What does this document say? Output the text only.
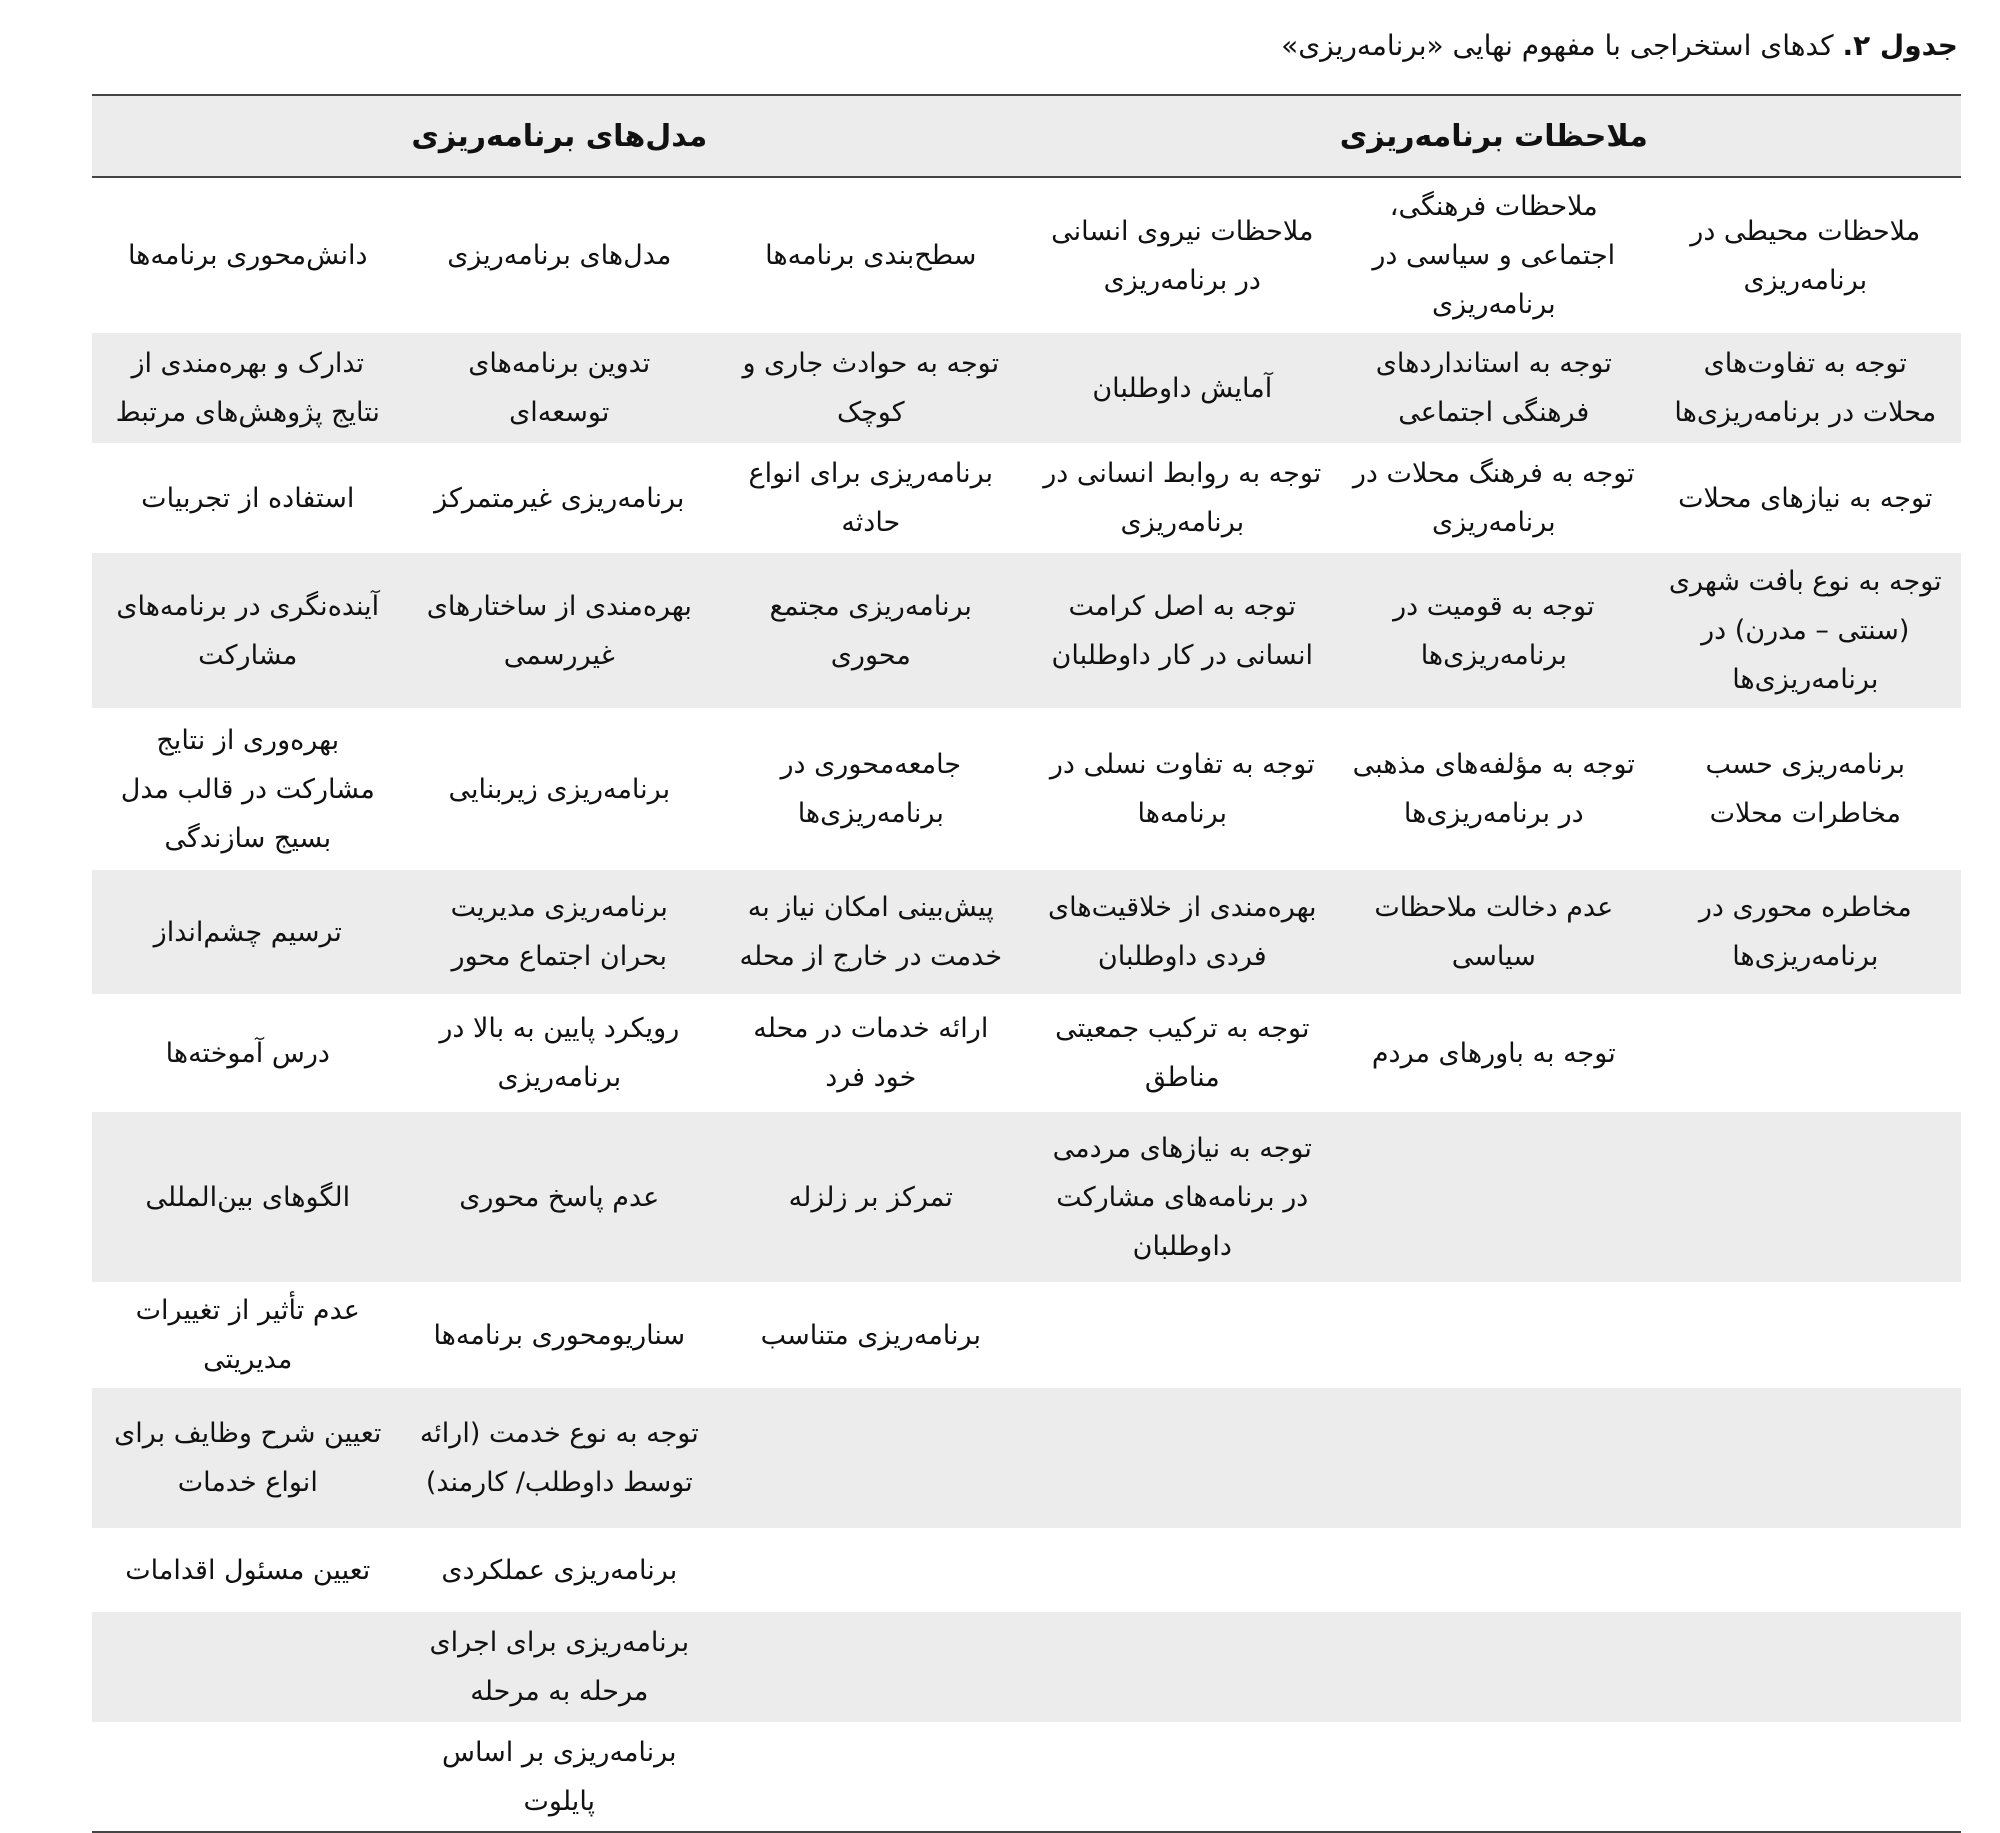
جدول ۲. کدهای استخراجی با مفهوم نهایی «برنامه‌ریزی»
ملاحظات برنامه‌ریزی			مدل‌های برنامه‌ریزی		
ملاحظات محیطی در برنامه‌ریزی	ملاحظات فرهنگی، اجتماعی و سیاسی در برنامه‌ریزی	ملاحظات نیروی انسانی در برنامه‌ریزی	سطح‌بندی برنامه‌ها	مدل‌های برنامه‌ریزی	دانش‌محوری برنامه‌ها
توجه به تفاوت‌های محلات در برنامه‌ریزی‌ها	توجه به استانداردهای فرهنگی اجتماعی	آمایش داوطلبان	توجه به حوادث جاری و کوچک	تدوین برنامه‌های توسعه‌ای	تدارک و بهره‌مندی از نتایج پژوهش‌های مرتبط
توجه به نیازهای محلات	توجه به فرهنگ محلات در برنامه‌ریزی	توجه به روابط انسانی در برنامه‌ریزی	برنامه‌ریزی برای انواع حادثه	برنامه‌ریزی غیرمتمرکز	استفاده از تجربیات
توجه به نوع بافت شهری (سنتی – مدرن) در برنامه‌ریزی‌ها	توجه به قومیت در برنامه‌ریزی‌ها	توجه به اصل کرامت انسانی در کار داوطلبان	برنامه‌ریزی مجتمع محوری	بهره‌مندی از ساختارهای غیررسمی	آینده‌نگری در برنامه‌های مشارکت
برنامه‌ریزی حسب مخاطرات محلات	توجه به مؤلفه‌های مذهبی در برنامه‌ریزی‌ها	توجه به تفاوت نسلی در برنامه‌ها	جامعه‌محوری در برنامه‌ریزی‌ها	برنامه‌ریزی زیربنایی	بهره‌وری از نتایج مشارکت در قالب مدل بسیج سازندگی
مخاطره محوری در برنامه‌ریزی‌ها	عدم دخالت ملاحظات سیاسی	بهره‌مندی از خلاقیت‌های فردی داوطلبان	پیش‌بینی امکان نیاز به خدمت در خارج از محله	برنامه‌ریزی مدیریت بحران اجتماع محور	ترسیم چشم‌انداز
	توجه به باورهای مردم	توجه به ترکیب جمعیتی مناطق	ارائه خدمات در محله خود فرد	رویکرد پایین به بالا در برنامه‌ریزی	درس آموخته‌ها
		توجه به نیازهای مردمی در برنامه‌های مشارکت داوطلبان	تمرکز بر زلزله	عدم پاسخ محوری	الگوهای بین‌المللی
			برنامه‌ریزی متناسب	سناریومحوری برنامه‌ها	عدم تأثیر از تغییرات مدیریتی
				توجه به نوع خدمت (ارائه توسط داوطلب/ کارمند)	تعیین شرح وظایف برای انواع خدمات
				برنامه‌ریزی عملکردی	تعیین مسئول اقدامات
				برنامه‌ریزی برای اجرای مرحله به مرحله	
				برنامه‌ریزی بر اساس پایلوت	
